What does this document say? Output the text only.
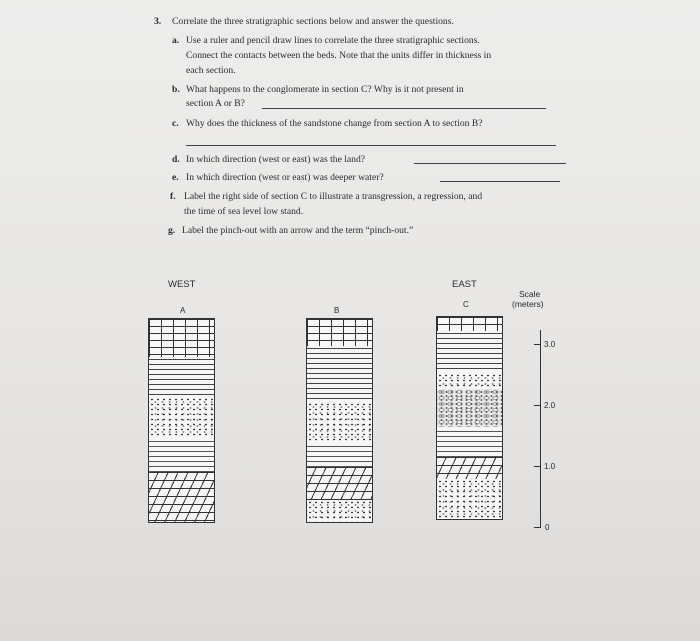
3. Correlate the three stratigraphic sections below and answer the questions.
a. Use a ruler and pencil draw lines to correlate the three stratigraphic sections.
Connect the contacts between the beds. Note that the units differ in thickness in
each section.
b. What happens to the conglomerate in section C? Why is it not present in
section A or B?
c. Why does the thickness of the sandstone change from section A to section B?
d. In which direction (west or east) was the land?
e. In which direction (west or east) was deeper water?
f. Label the right side of section C to illustrate a transgression, a regression, and
the time of sea level low stand.
g. Label the pinch-out with an arrow and the term “pinch-out.”
WEST	EAST
A	B
C
Scale
(meters)
3.0
2.0
1.0
0
